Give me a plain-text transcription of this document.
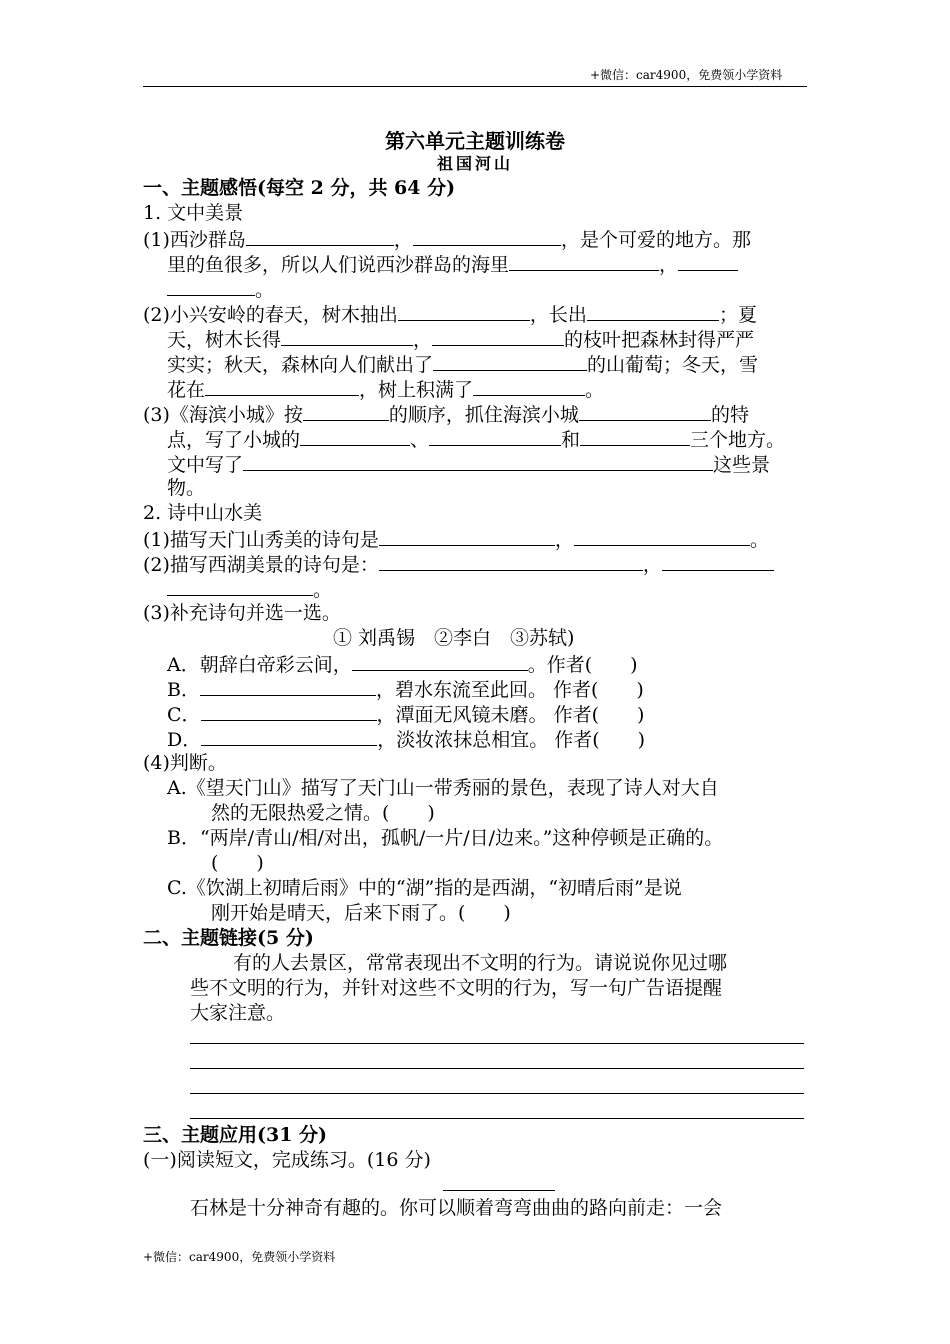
+微信：car4900，免费领小学资料
第六单元主题训练卷
祖国河山
一、主题感悟(每空 2 分，共 64 分)
1. 文中美景
(1)西沙群岛	，	，是个可爱的地方。那
里的鱼很多，所以人们说西沙群岛的海里	，
。
(2)小兴安岭的春天，树木抽出	，长出	；夏
天，树木长得	，	的枝叶把森林封得严严
实实；秋天，森林向人们献出了	的山葡萄；冬天，雪
花在	，树上积满了	。
(3)《海滨小城》按	的顺序，抓住海滨小城	的特
点，写了小城的	、	和	三个地方。
文中写了	这些景
物。
2. 诗中山水美
(1)描写天门山秀美的诗句是	，	。
(2)描写西湖美景的诗句是：	，
。
(3)补充诗句并选一选。
① 刘禹锡　②李白　③苏轼)
A．朝辞白帝彩云间，	。作者(　　)
B．	，碧水东流至此回。 作者(　　)
C．	，潭面无风镜未磨。 作者(　　)
D．	，淡妆浓抹总相宜。 作者(　　)
(4)判断。
A.《望天门山》描写了天门山一带秀丽的景色，表现了诗人对大自
然的无限热爱之情。(　　)
B．“两岸/青山/相/对出，孤帆/一片/日/边来。”这种停顿是正确的。
(　　)
C.《饮湖上初晴后雨》中的“湖”指的是西湖，“初晴后雨”是说
刚开始是晴天，后来下雨了。(　　)
二、主题链接(5 分)
有的人去景区，常常表现出不文明的行为。请说说你见过哪
些不文明的行为，并针对这些不文明的行为，写一句广告语提醒
大家注意。
三、主题应用(31 分)
(一)阅读短文，完成练习。(16 分)
石林是十分神奇有趣的。你可以顺着弯弯曲曲的路向前走：一会
+微信：car4900，免费领小学资料
